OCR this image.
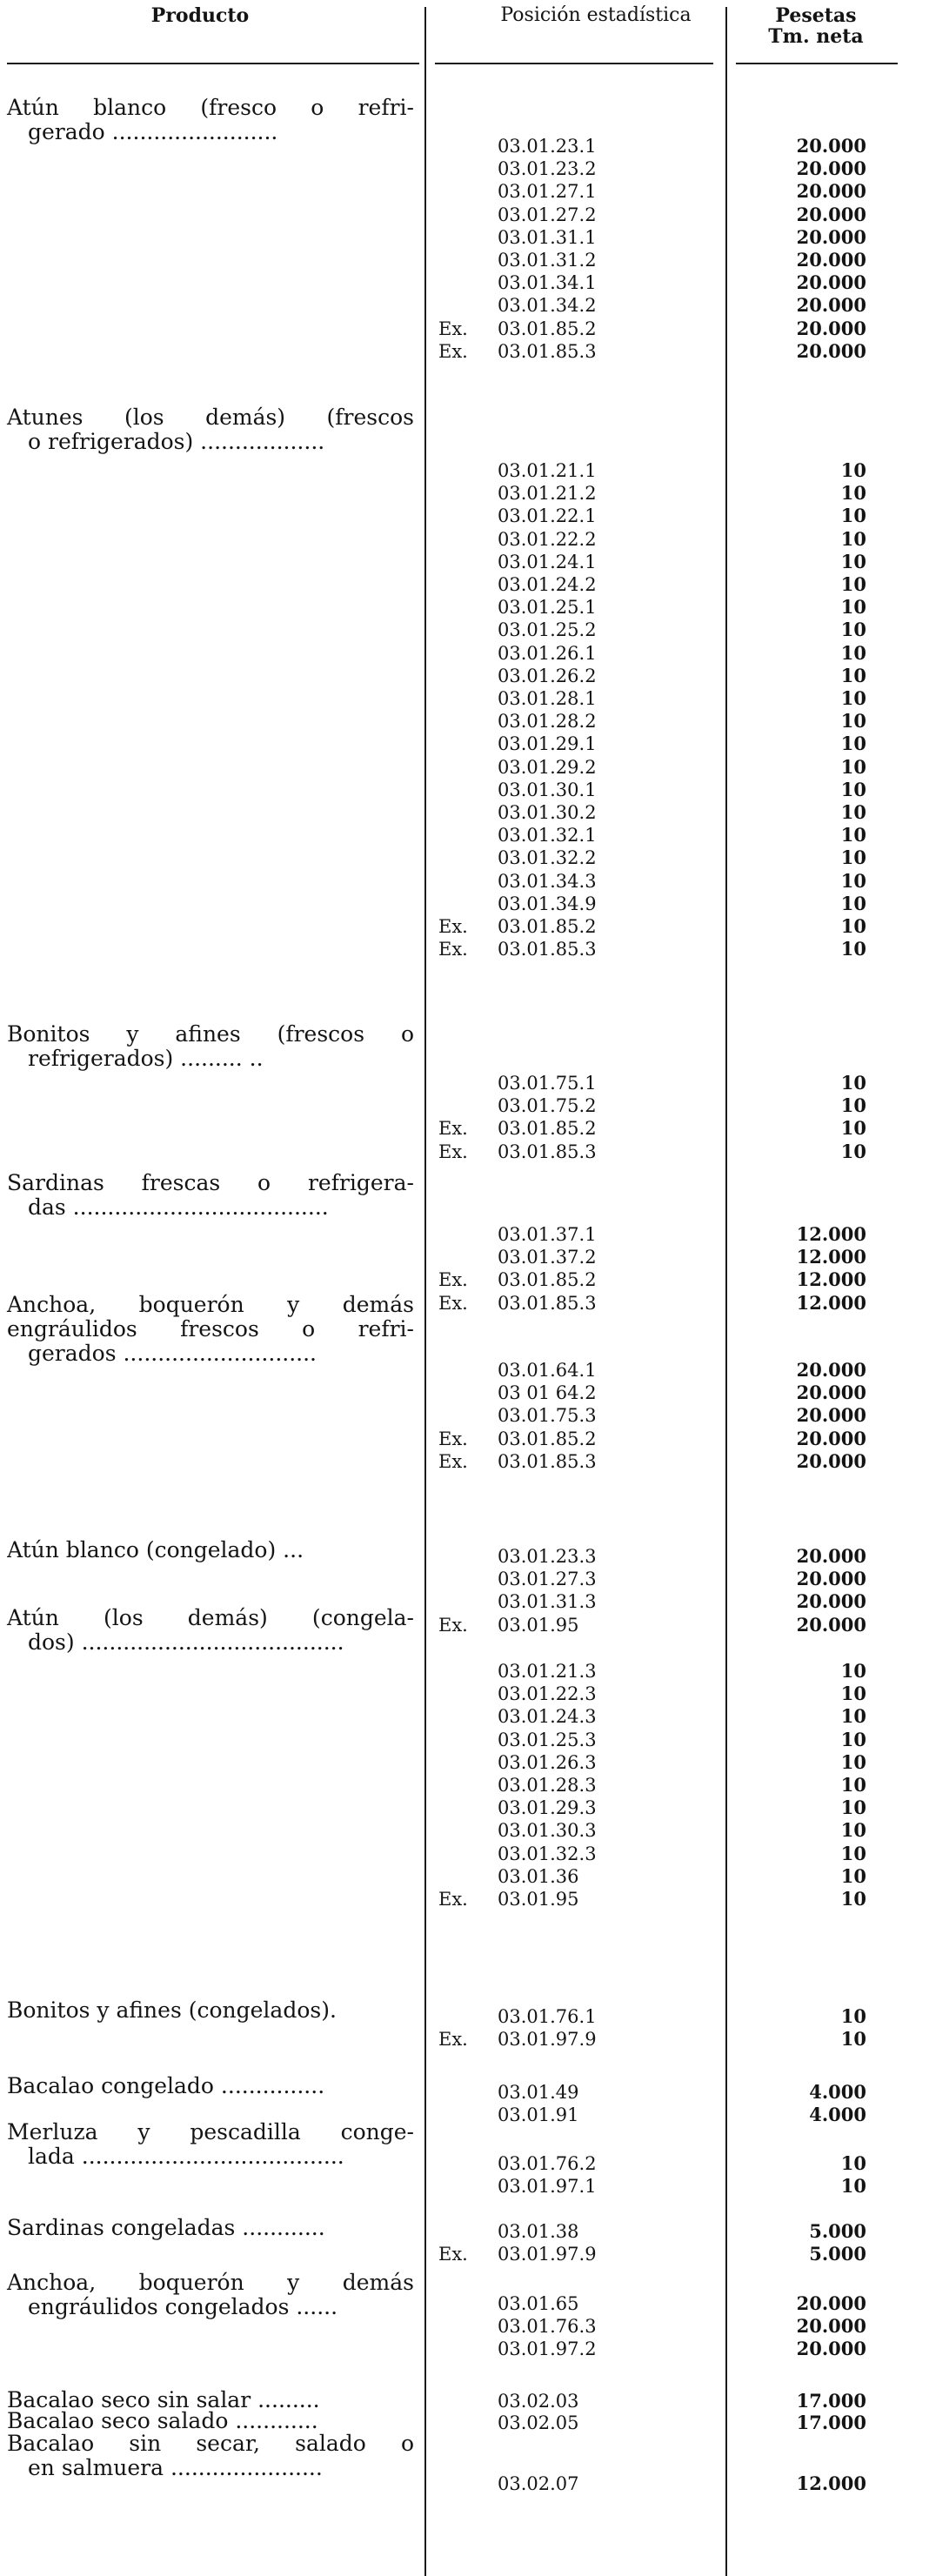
Producto	Posición estadística	Pesetas
Tm. neta
Atún blanco (fresco o refri-
gerado ........................
03.01.23.1	20.000
03.01.23.2	20.000
03.01.27.1	20.000
03.01.27.2	20.000
03.01.31.1	20.000
03.01.31.2	20.000
03.01.34.1	20.000
03.01.34.2	20.000
Ex. 03.01.85.2	20.000
Ex. 03.01.85.3	20.000
Atunes (los demás) (frescos
o refrigerados) ..................
03.01.21.1	10
03.01.21.2	10
03.01.22.1	10
03.01.22.2	10
03.01.24.1	10
03.01.24.2	10
03.01.25.1	10
03.01.25.2	10
03.01.26.1	10
03.01.26.2	10
03.01.28.1	10
03.01.28.2	10
03.01.29.1	10
03.01.29.2	10
03.01.30.1	10
03.01.30.2	10
03.01.32.1	10
03.01.32.2	10
03.01.34.3	10
03.01.34.9	10
Ex. 03.01.85.2	10
Ex. 03.01.85.3	10
Bonitos y afines (frescos o
refrigerados) ......... ..
03.01.75.1	10
03.01.75.2	10
Ex. 03.01.85.2	10
Ex. 03.01.85.3	10
Sardinas frescas o refrigera-
das .....................................
03.01.37.1	12.000
03.01.37.2	12.000
Ex. 03.01.85.2	12.000
Ex. 03.01.85.3	12.000
Anchoa, boquerón y demás
engráulidos frescos o refri-
gerados ............................
03.01.64.1	20.000
03 01 64.2	20.000
03.01.75.3	20.000
Ex. 03.01.85.2	20.000
Ex. 03.01.85.3	20.000
Atún blanco (congelado) ...	03.01.23.3	20.000
03.01.27.3	20.000
03.01.31.3	20.000
Ex. 03.01.95	20.000
Atún (los demás) (congela-
dos) ......................................
03.01.21.3	10
03.01.22.3	10
03.01.24.3	10
03.01.25.3	10
03.01.26.3	10
03.01.28.3	10
03.01.29.3	10
03.01.30.3	10
03.01.32.3	10
03.01.36	10
Ex. 03.01.95	10
Bonitos y afines (congelados).	03.01.76.1	10
Ex. 03.01.97.9	10
Bacalao congelado ...............	03.01.49	4.000
03.01.91	4.000
Merluza y pescadilla conge-
lada ......................................	03.01.76.2	10
03.01.97.1	10
Sardinas congeladas ............	03.01.38	5.000
Ex. 03.01.97.9	5.000
Anchoa, boquerón y demás
engráulidos congelados ......	03.01.65	20.000
03.01.76.3	20.000
03.01.97.2	20.000
Bacalao seco sin salar .........	03.02.03	17.000
Bacalao seco salado ............	03.02.05	17.000
Bacalao sin secar, salado o
en salmuera ......................
03.02.07	12.000
